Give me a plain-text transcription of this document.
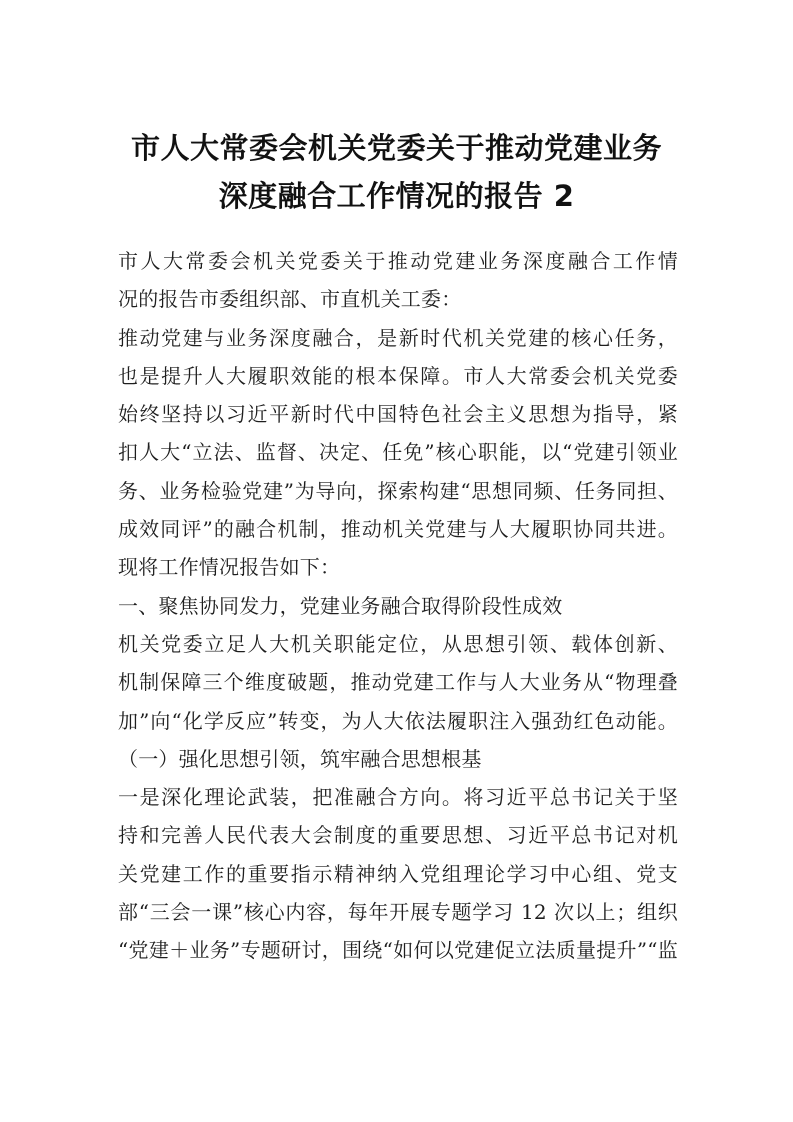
市人大常委会机关党委关于推动党建业务
深度融合工作情况的报告 2
市人大常委会机关党委关于推动党建业务深度融合工作情
况的报告市委组织部、市直机关工委：
推动党建与业务深度融合，是新时代机关党建的核心任务，
也是提升人大履职效能的根本保障。市人大常委会机关党委
始终坚持以习近平新时代中国特色社会主义思想为指导，紧
扣人大“立法、监督、决定、任免”核心职能，以“党建引领业
务、业务检验党建”为导向，探索构建“思想同频、任务同担、
成效同评”的融合机制，推动机关党建与人大履职协同共进。
现将工作情况报告如下：
一、聚焦协同发力，党建业务融合取得阶段性成效
机关党委立足人大机关职能定位，从思想引领、载体创新、
机制保障三个维度破题，推动党建工作与人大业务从“物理叠
加”向“化学反应”转变，为人大依法履职注入强劲红色动能。
（一）强化思想引领，筑牢融合思想根基
一是深化理论武装，把准融合方向。将习近平总书记关于坚
持和完善人民代表大会制度的重要思想、习近平总书记对机
关党建工作的重要指示精神纳入党组理论学习中心组、党支
部“三会一课”核心内容，每年开展专题学习 12 次以上；组织
“党建＋业务”专题研讨，围绕“如何以党建促立法质量提升”“监
